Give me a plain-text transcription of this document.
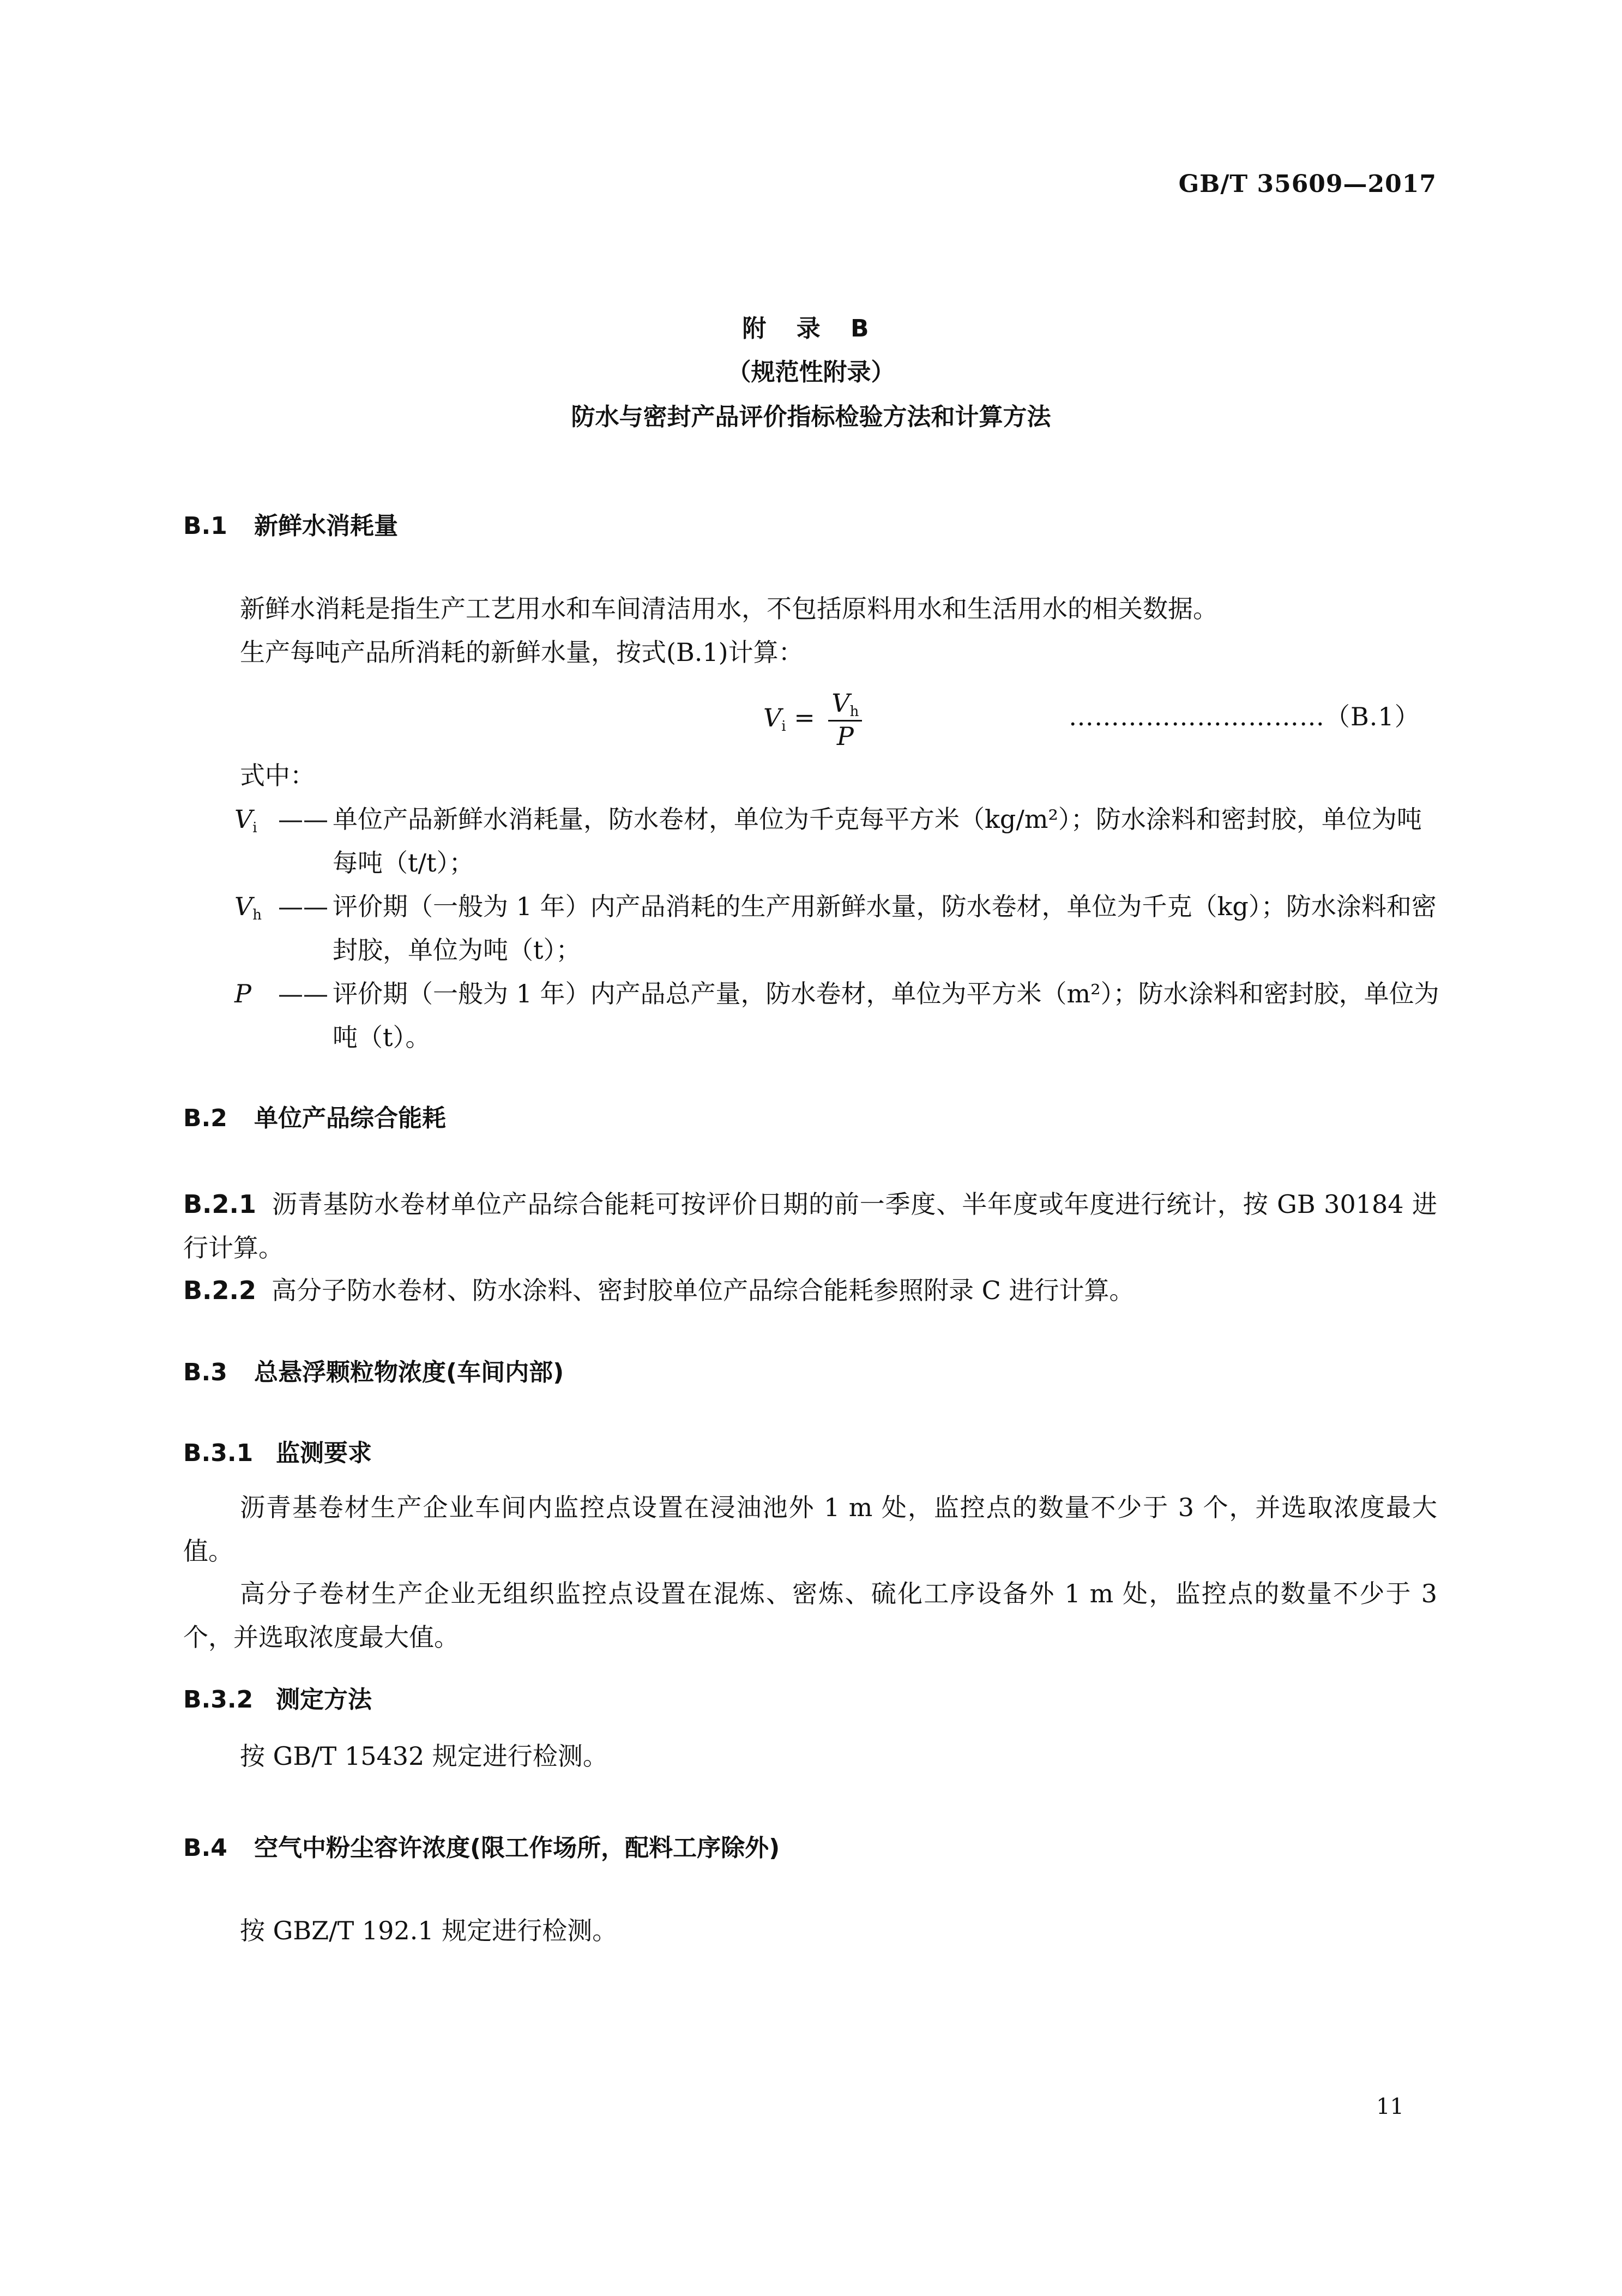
GB/T 35609—2017
附 录 B
（规范性附录）
防水与密封产品评价指标检验方法和计算方法
B.1 新鲜水消耗量
新鲜水消耗是指生产工艺用水和车间清洁用水，不包括原料用水和生活用水的相关数据。
生产每吨产品所消耗的新鲜水量，按式(B.1)计算：
$V_i = \frac{V_h}{P}$	…………………………（B.1）
式中：
$V_i$ —— 单位产品新鲜水消耗量，防水卷材，单位为千克每平方米（kg/m²）；防水涂料和密封胶，单位为吨每吨（t/t）；
$V_h$ —— 评价期（一般为 1 年）内产品消耗的生产用新鲜水量，防水卷材，单位为千克（kg）；防水涂料和密封胶，单位为吨（t）；
P —— 评价期（一般为 1 年）内产品总产量，防水卷材，单位为平方米（m²）；防水涂料和密封胶，单位为吨（t）。
B.2 单位产品综合能耗
B.2.1 沥青基防水卷材单位产品综合能耗可按评价日期的前一季度、半年度或年度进行统计，按 GB 30184 进行计算。
B.2.2 高分子防水卷材、防水涂料、密封胶单位产品综合能耗参照附录 C 进行计算。
B.3 总悬浮颗粒物浓度(车间内部)
B.3.1 监测要求
沥青基卷材生产企业车间内监控点设置在浸油池外 1 m 处，监控点的数量不少于 3 个，并选取浓度最大值。
高分子卷材生产企业无组织监控点设置在混炼、密炼、硫化工序设备外 1 m 处，监控点的数量不少于 3 个，并选取浓度最大值。
B.3.2 测定方法
按 GB/T 15432 规定进行检测。
B.4 空气中粉尘容许浓度(限工作场所，配料工序除外)
按 GBZ/T 192.1 规定进行检测。
11
